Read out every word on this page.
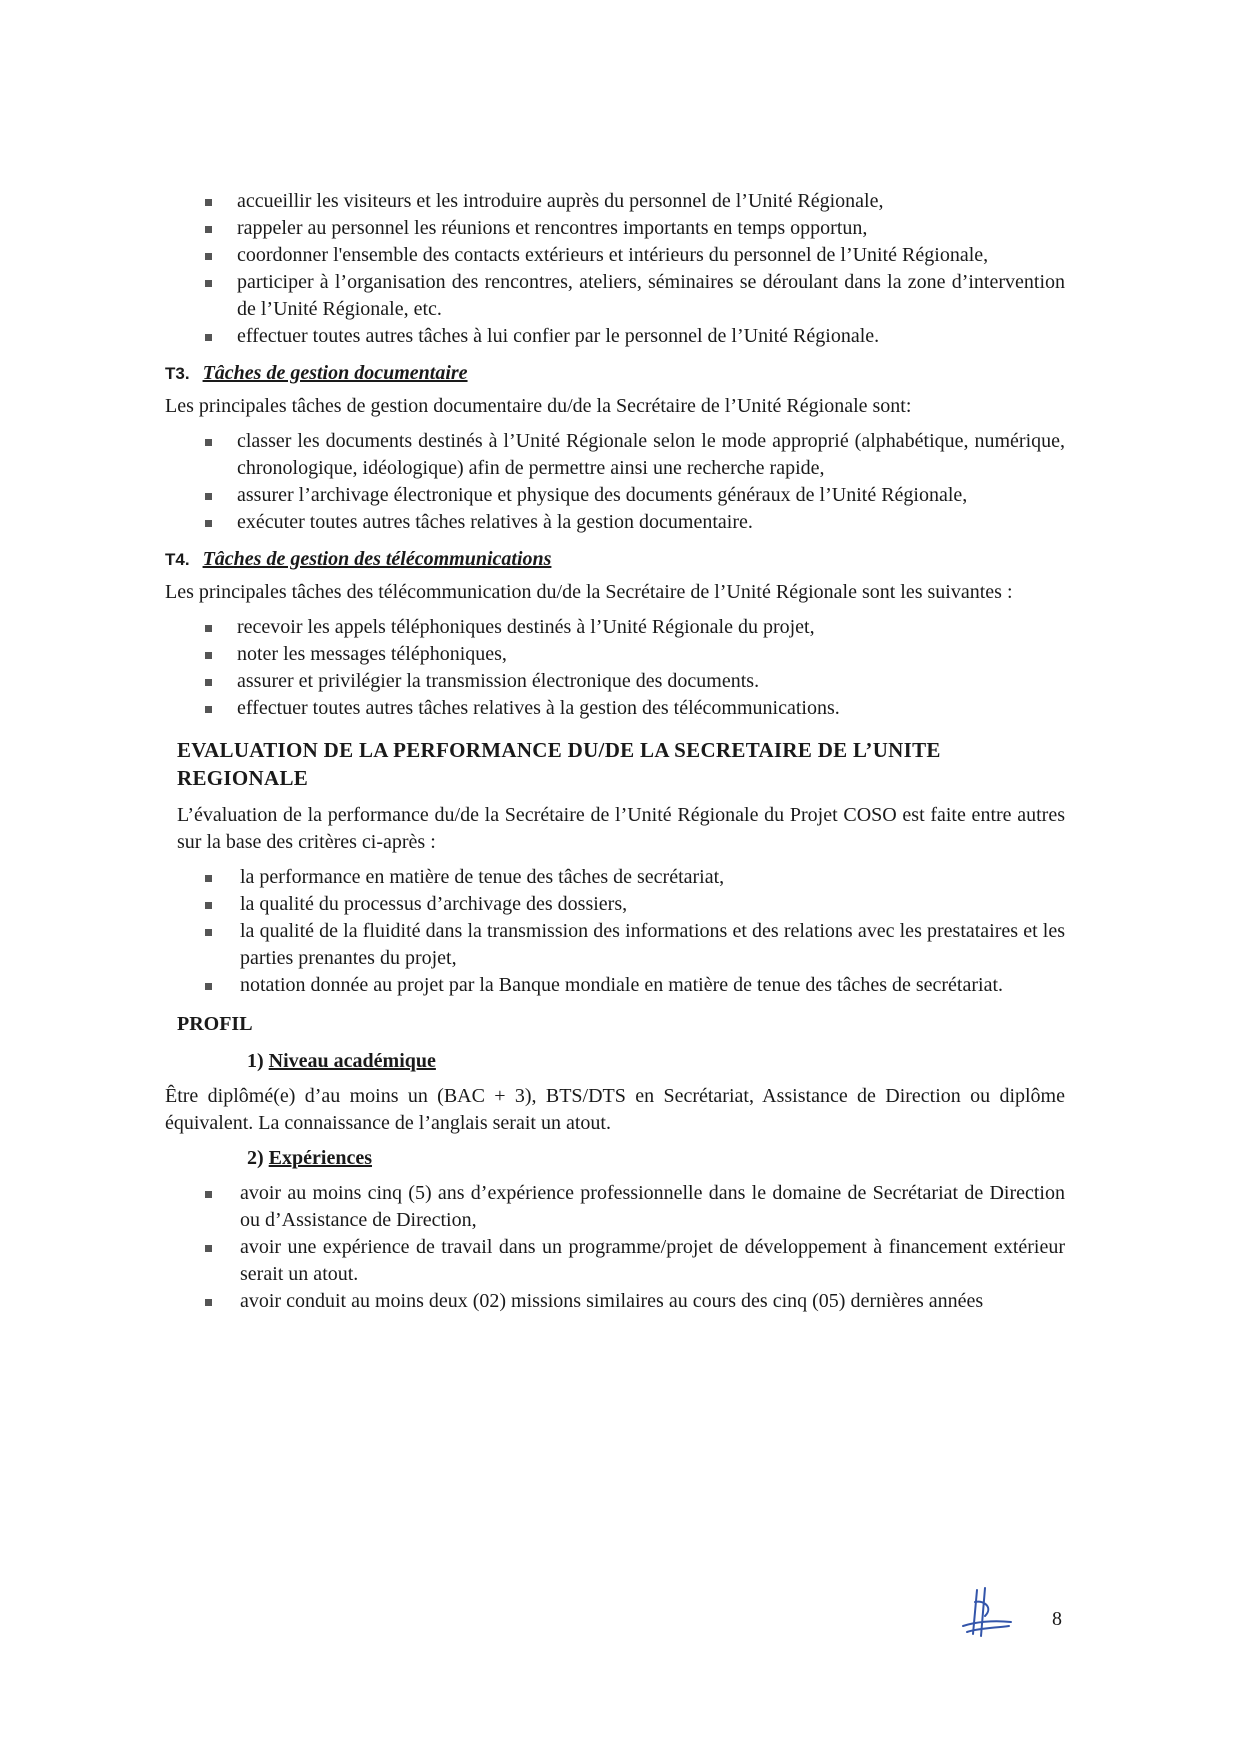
accueillir les visiteurs et les introduire auprès du personnel de l’Unité Régionale,
rappeler au personnel les réunions et rencontres importants en temps opportun,
coordonner l'ensemble des contacts extérieurs et intérieurs du personnel de l’Unité Régionale,
participer à l’organisation des rencontres, ateliers, séminaires se déroulant dans la zone d’intervention de l’Unité Régionale, etc.
effectuer toutes autres tâches à lui confier par le personnel de l’Unité Régionale.
T3. Tâches de gestion documentaire

Les principales tâches de gestion documentaire du/de la Secrétaire de l’Unité Régionale sont:

classer les documents destinés à l’Unité Régionale selon le mode approprié (alphabétique, numérique, chronologique, idéologique) afin de permettre ainsi une recherche rapide,
assurer l’archivage électronique et physique des documents généraux de l’Unité Régionale,
exécuter toutes autres tâches relatives à la gestion documentaire.
T4. Tâches de gestion des télécommunications

Les principales tâches des télécommunication du/de la Secrétaire de l’Unité Régionale sont les suivantes :

recevoir les appels téléphoniques destinés à l’Unité Régionale du projet,
noter les messages téléphoniques,
assurer et privilégier la transmission électronique des documents.
effectuer toutes autres tâches relatives à la gestion des télécommunications.
EVALUATION DE LA PERFORMANCE DU/DE LA SECRETAIRE DE L’UNITE REGIONALE

L’évaluation de la performance du/de la Secrétaire de l’Unité Régionale du Projet COSO est faite entre autres sur la base des critères ci-après :

la performance en matière de tenue des tâches de secrétariat,
la qualité du processus d’archivage des dossiers,
la qualité de la fluidité dans la transmission des informations et des relations avec les prestataires et les parties prenantes du projet,
notation donnée au projet par la Banque mondiale en matière de tenue des tâches de secrétariat.
PROFIL
1) Niveau académique

Être diplômé(e) d’au moins un (BAC + 3), BTS/DTS en Secrétariat, Assistance de Direction ou diplôme équivalent. La connaissance de l’anglais serait un atout.

2) Expériences
avoir au moins cinq (5) ans d’expérience professionnelle dans le domaine de Secrétariat de Direction ou d’Assistance de Direction,
avoir une expérience de travail dans un programme/projet de développement à financement extérieur serait un atout.
avoir conduit au moins deux (02) missions similaires au cours des cinq (05) dernières années
8
